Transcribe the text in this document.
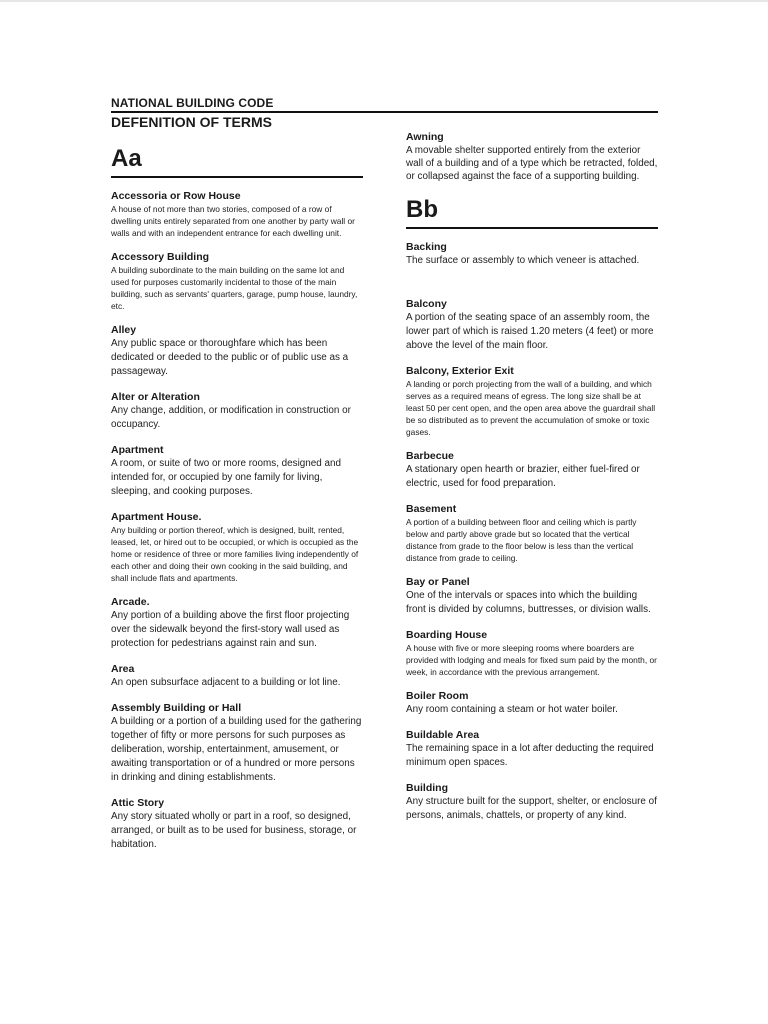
NATIONAL BUILDING CODE
DEFENITION OF TERMS
Aa

Accessoria or Row House

A house of not more than two stories, composed of a row of dwelling units entirely separated from one another by party wall or walls and with an independent entrance for each dwelling unit.

Accessory Building

A building subordinate to the main building on the same lot and used for purposes customarily incidental to those of the main building, such as servants' quarters, garage, pump house, laundry, etc.

Alley

Any public space or thoroughfare which has been dedicated or deeded to the public or of public use as a passageway.

Alter or Alteration

Any change, addition, or modification in construction or occupancy.

Apartment

A room, or suite of two or more rooms, designed and intended for, or occupied by one family for living, sleeping, and cooking purposes.

Apartment House.

Any building or portion thereof, which is designed, built, rented, leased, let, or hired out to be occupied, or which is occupied as the home or residence of three or more families living independently of each other and doing their own cooking in the said building, and shall include flats and apartments.

Arcade.

Any portion of a building above the first floor projecting over the sidewalk beyond the first-story wall used as protection for pedestrians against rain and sun.

Area

An open subsurface adjacent to a building or lot line.

Assembly Building or Hall

A building or a portion of a building used for the gathering together of fifty or more persons for such purposes as deliberation, worship, entertainment, amusement, or awaiting transportation or of a hundred or more persons in drinking and dining establishments.

Attic Story

Any story situated wholly or part in a roof, so designed, arranged, or built as to be used for business, storage, or habitation.

Awning

A movable shelter supported entirely from the exterior wall of a building and of a type which be retracted, folded, or collapsed against the face of a supporting building.

Bb

Backing

The surface or assembly to which veneer is attached.

Balcony

A portion of the seating space of an assembly room, the lower part of which is raised 1.20 meters (4 feet) or more above the level of the main floor.

Balcony, Exterior Exit

A landing or porch projecting from the wall of a building, and which serves as a required means of egress. The long size shall be at least 50 per cent open, and the open area above the guardrail shall be so distributed as to prevent the accumulation of smoke or toxic gases.

Barbecue

A stationary open hearth or brazier, either fuel-fired or electric, used for food preparation.

Basement

A portion of a building between floor and ceiling which is partly below and partly above grade but so located that the vertical distance from grade to the floor below is less than the vertical distance from grade to ceiling.

Bay or Panel

One of the intervals or spaces into which the building front is divided by columns, buttresses, or division walls.

Boarding House

A house with five or more sleeping rooms where boarders are provided with lodging and meals for fixed sum paid by the month, or week, in accordance with the previous arrangement.

Boiler Room

Any room containing a steam or hot water boiler.

Buildable Area

The remaining space in a lot after deducting the required minimum open spaces.

Building

Any structure built for the support, shelter, or enclosure of persons, animals, chattels, or property of any kind.
